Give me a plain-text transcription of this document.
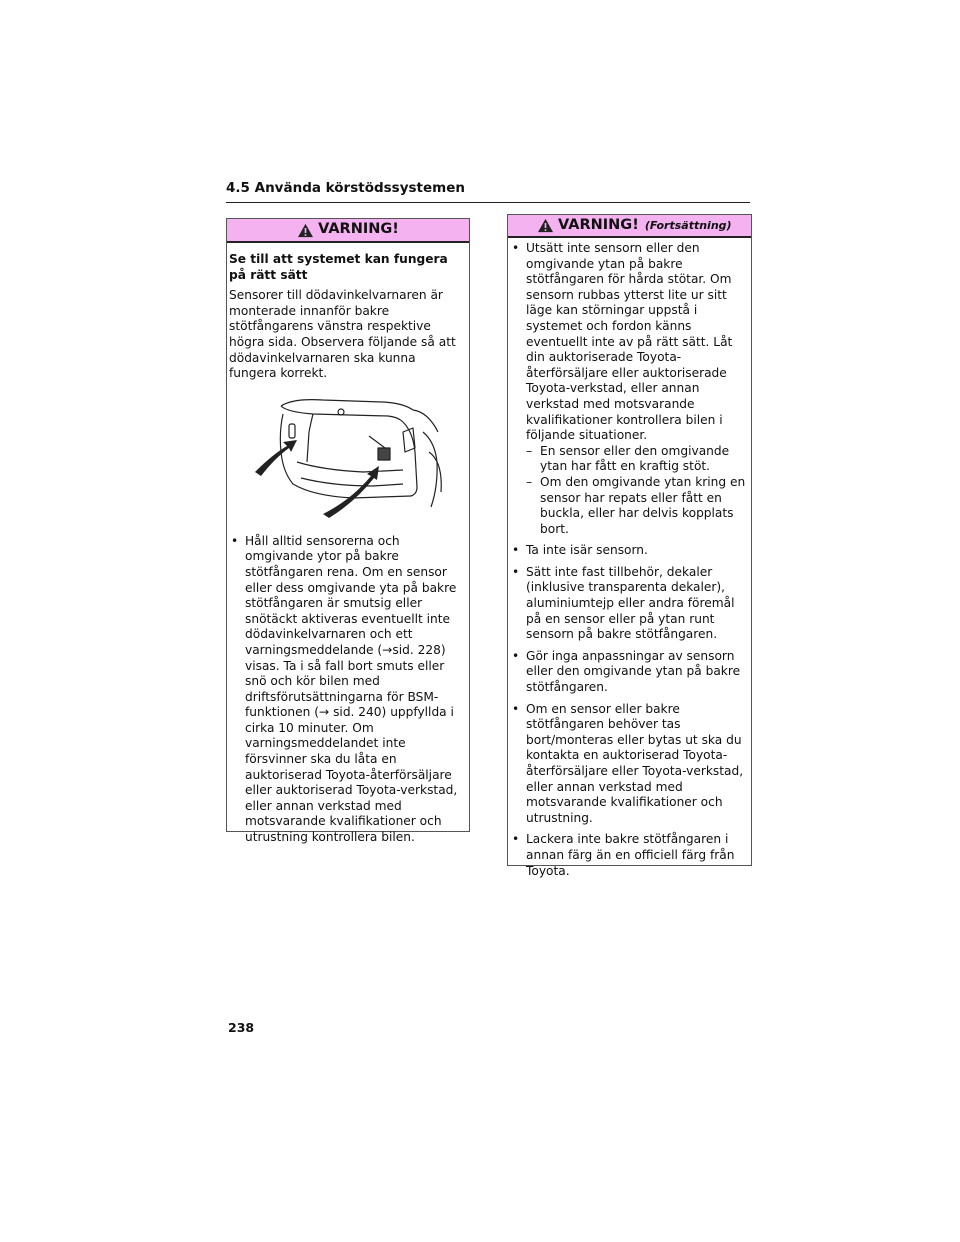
4.5 Använda körstödssystemen
VARNING!

Se till att systemet kan fungera på rätt sätt

Sensorer till dödavinkelvarnaren är monterade innanför bakre stötfångarens vänstra respektive högra sida. Observera följande så att dödavinkelvarnaren ska kunna fungera korrekt.

• Håll alltid sensorerna och omgivande ytor på bakre stötfångaren rena. Om en sensor eller dess omgivande yta på bakre stötfångaren är smutsig eller snötäckt aktiveras eventuellt inte dödavinkelvarnaren och ett varningsmeddelande (→sid. 228) visas. Ta i så fall bort smuts eller snö och kör bilen med driftsförutsättningarna för BSM-funktionen (→ sid. 240) uppfyllda i cirka 10 minuter. Om varningsmeddelandet inte försvinner ska du låta en auktoriserad Toyota-återförsäljare eller auktoriserad Toyota-verkstad, eller annan verkstad med motsvarande kvalifikationer och utrustning kontrollera bilen.
VARNING! (Fortsättning)
• Utsätt inte sensorn eller den omgivande ytan på bakre stötfångaren för hårda stötar. Om sensorn rubbas ytterst lite ur sitt läge kan störningar uppstå i systemet och fordon känns eventuellt inte av på rätt sätt. Låt din auktoriserade Toyota-återförsäljare eller auktoriserade Toyota-verkstad, eller annan verkstad med motsvarande kvalifikationer kontrollera bilen i följande situationer.
– En sensor eller den omgivande ytan har fått en kraftig stöt.
– Om den omgivande ytan kring en sensor har repats eller fått en buckla, eller har delvis kopplats bort.
• Ta inte isär sensorn.
• Sätt inte fast tillbehör, dekaler (inklusive transparenta dekaler), aluminiumtejp eller andra föremål på en sensor eller på ytan runt sensorn på bakre stötfångaren.
• Gör inga anpassningar av sensorn eller den omgivande ytan på bakre stötfångaren.
• Om en sensor eller bakre stötfångaren behöver tas bort/monteras eller bytas ut ska du kontakta en auktoriserad Toyota-återförsäljare eller Toyota-verkstad, eller annan verkstad med motsvarande kvalifikationer och utrustning.
• Lackera inte bakre stötfångaren i annan färg än en officiell färg från Toyota.
238
